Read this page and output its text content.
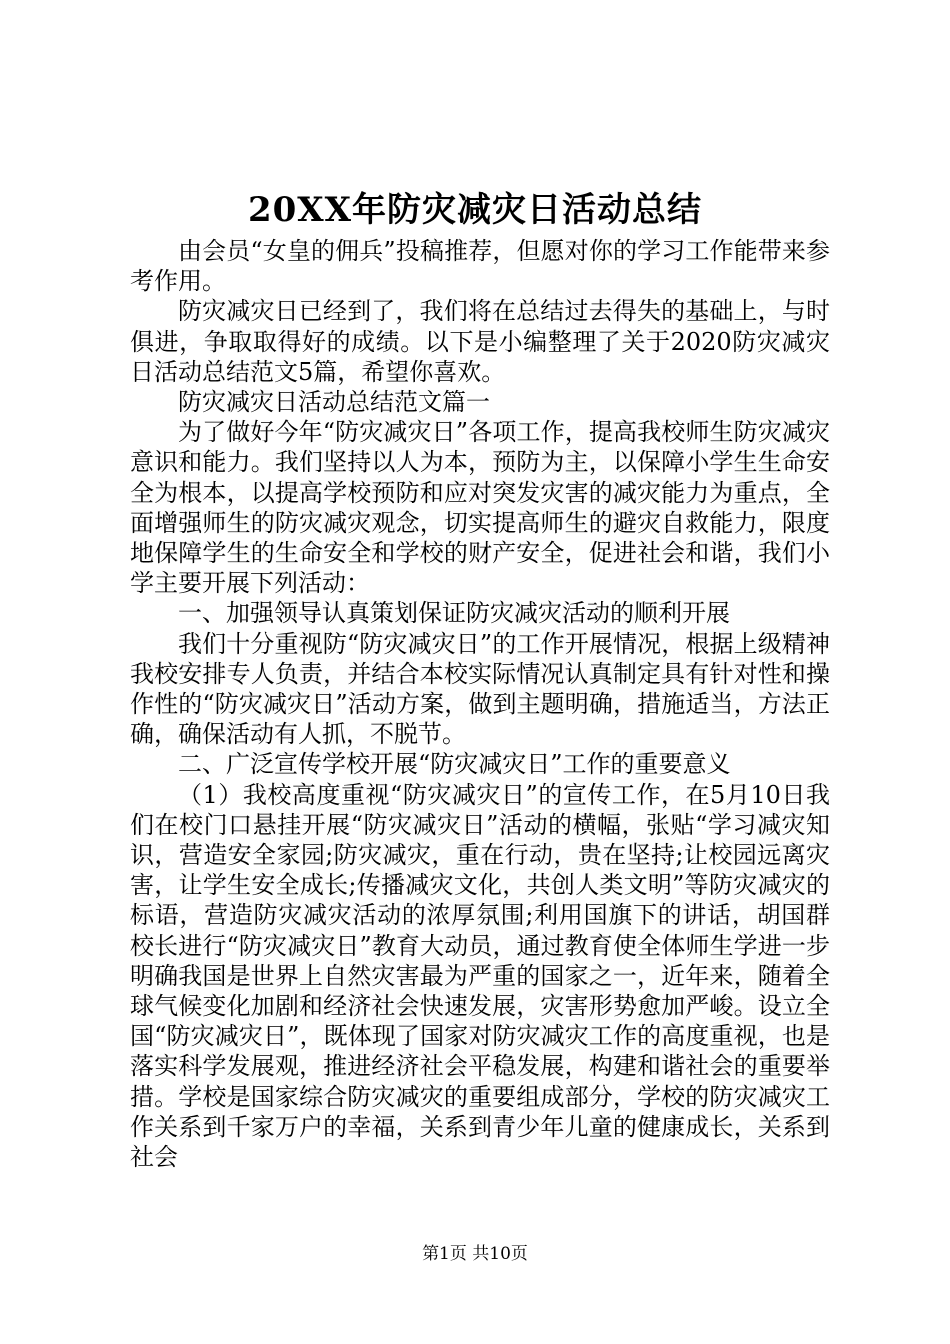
20XX年防灾减灾日活动总结

由会员“女皇的佣兵”投稿推荐，但愿对你的学习工作能带来参考作用。

防灾减灾日已经到了，我们将在总结过去得失的基础上，与时俱进，争取取得好的成绩。以下是小编整理了关于2020防灾减灾日活动总结范文5篇，希望你喜欢。

防灾减灾日活动总结范文篇一

为了做好今年“防灾减灾日”各项工作，提高我校师生防灾减灾意识和能力。我们坚持以人为本，预防为主，以保障小学生生命安全为根本，以提高学校预防和应对突发灾害的减灾能力为重点，全面增强师生的防灾减灾观念，切实提高师生的避灾自救能力，限度地保障学生的生命安全和学校的财产安全，促进社会和谐，我们小学主要开展下列活动：

一、加强领导认真策划保证防灾减灾活动的顺利开展

我们十分重视防“防灾减灾日”的工作开展情况，根据上级精神我校安排专人负责，并结合本校实际情况认真制定具有针对性和操作性的“防灾减灾日”活动方案，做到主题明确，措施适当，方法正确，确保活动有人抓，不脱节。

二、广泛宣传学校开展“防灾减灾日”工作的重要意义

（1）我校高度重视“防灾减灾日”的宣传工作，在5月10日我们在校门口悬挂开展“防灾减灾日”活动的横幅，张贴“学习减灾知识，营造安全家园;防灾减灾，重在行动，贵在坚持;让校园远离灾害，让学生安全成长;传播减灾文化，共创人类文明”等防灾减灾的标语，营造防灾减灾活动的浓厚氛围;利用国旗下的讲话，胡国群校长进行“防灾减灾日”教育大动员，通过教育使全体师生学进一步明确我国是世界上自然灾害最为严重的国家之一，近年来，随着全球气候变化加剧和经济社会快速发展，灾害形势愈加严峻。设立全国“防灾减灾日”，既体现了国家对防灾减灾工作的高度重视，也是落实科学发展观，推进经济社会平稳发展，构建和谐社会的重要举措。学校是国家综合防灾减灾的重要组成部分，学校的防灾减灾工作关系到千家万户的幸福，关系到青少年儿童的健康成长，关系到社会

第1页 共10页
